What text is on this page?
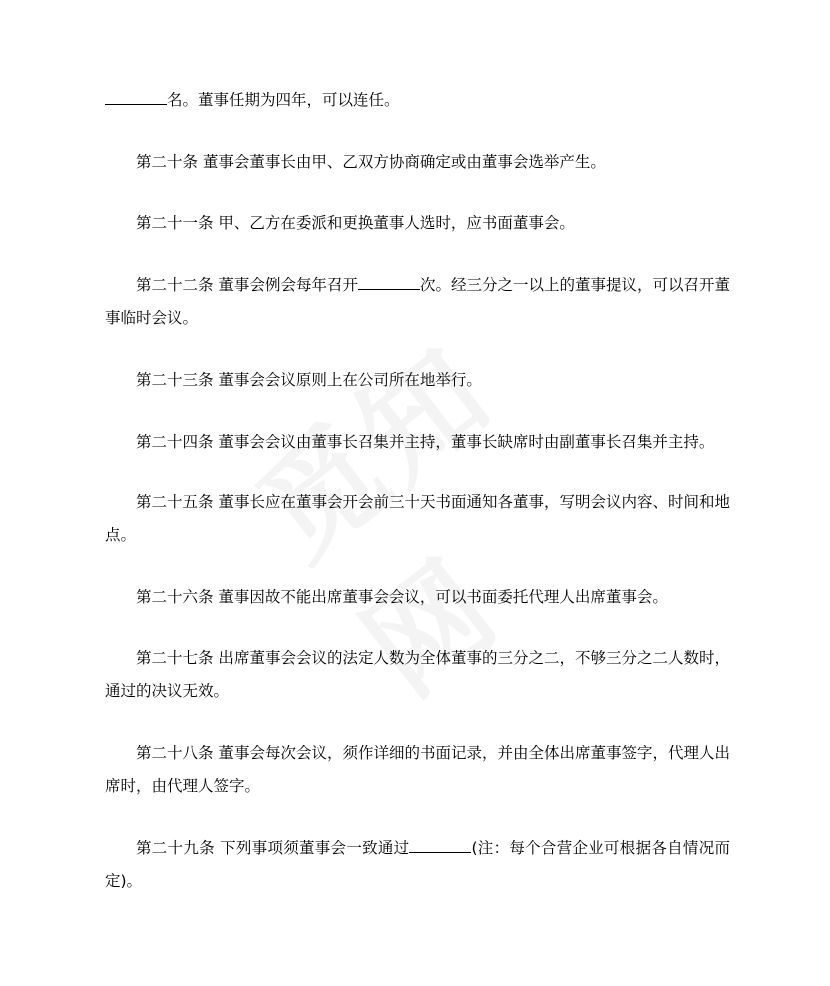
名。董事任期为四年，可以连任。

第二十条 董事会董事长由甲、乙双方协商确定或由董事会选举产生。

第二十一条 甲、乙方在委派和更换董事人选时，应书面董事会。

第二十二条 董事会例会每年召开	次。经三分之一以上的董事提议，可以召开董事临时会议。

第二十三条 董事会会议原则上在公司所在地举行。

第二十四条 董事会会议由董事长召集并主持，董事长缺席时由副董事长召集并主持。

第二十五条 董事长应在董事会开会前三十天书面通知各董事，写明会议内容、时间和地点。

第二十六条 董事因故不能出席董事会会议，可以书面委托代理人出席董事会。

第二十七条 出席董事会会议的法定人数为全体董事的三分之二，不够三分之二人数时，通过的决议无效。

第二十八条 董事会每次会议，须作详细的书面记录，并由全体出席董事签字，代理人出席时，由代理人签字。

第二十九条 下列事项须董事会一致通过	(注：每个合营企业可根据各自情况而定)。
